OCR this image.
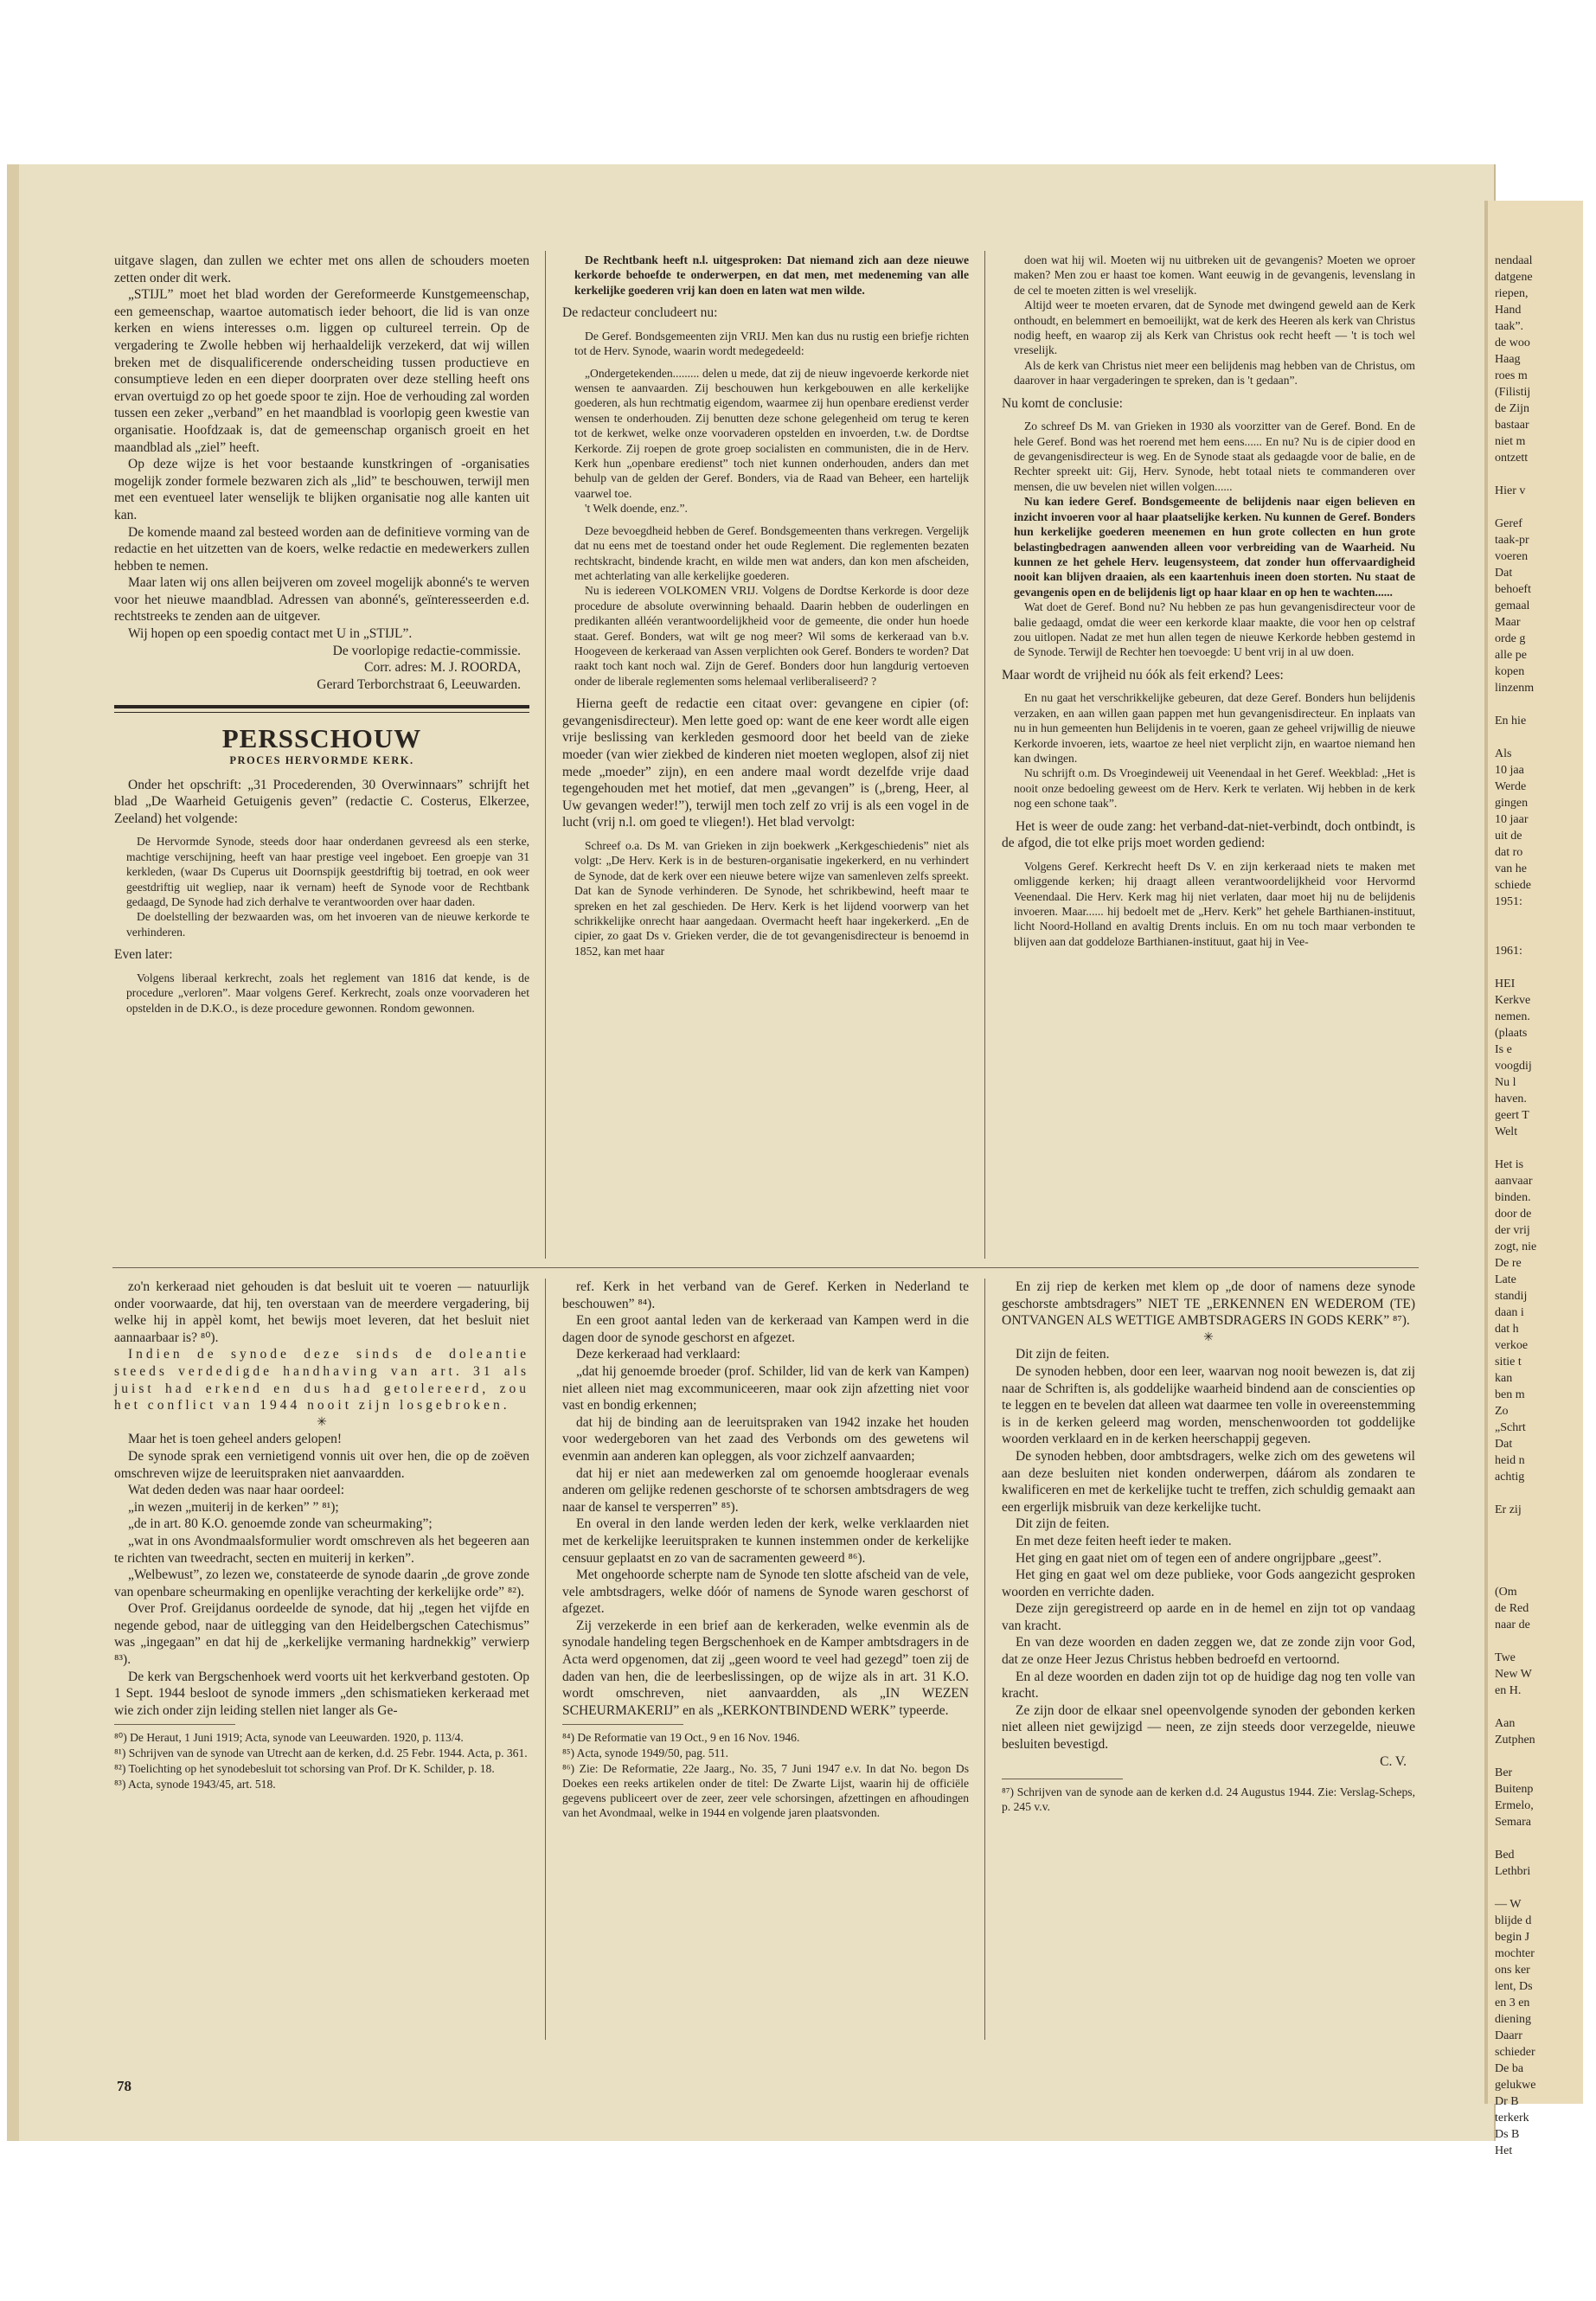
nendaal
datgene
riepen,
Hand
taak”.
de woo
Haag
roes m
(Filistij
de Zijn
bastaar
niet m
ontzett
Hier v
Geref
taak-pr
voeren
Dat
behoeft
gemaal
Maar
orde g
alle pe
kopen
linzenm
En hie
Als
10 jaa
Werde
gingen
10 jaar
uit de
dat ro
van he
schiede
1951:
1961:
HEI
Kerkve
nemen.
(plaats
Is e
voogdij
Nu l
haven.
geert T
Welt
Het is
aanvaar
binden.
door de
der vrij
zogt, nie
De re
Late
standij
daan i
dat h
verkoe
sitie t
kan
ben m
Zo
„Schrt
Dat
heid n
achtig
Er zij
(Om
de Red
naar de
Twe
New W
en H.
Aan
Zutphen
Ber
Buitenp
Ermelo,
Semara
Bed
Lethbri
— W
blijde d
begin J
mochter
ons ker
lent, Ds
en 3 en
diening
Daarr
schieder
De ba
gelukwe
Dr B
terkerk
Ds B
Het

uitgave slagen, dan zullen we echter met ons allen de schouders moeten zetten onder dit werk.

„STIJL” moet het blad worden der Gereformeerde Kunstgemeenschap, een gemeenschap, waartoe automatisch ieder behoort, die lid is van onze kerken en wiens interesses o.m. liggen op cultureel terrein. Op de vergadering te Zwolle hebben wij herhaaldelijk verzekerd, dat wij willen breken met de disqualificerende onderscheiding tussen productieve en consumptieve leden en een dieper doorpraten over deze stelling heeft ons ervan overtuigd zo op het goede spoor te zijn. Hoe de verhouding zal worden tussen een zeker „verband” en het maandblad is voorlopig geen kwestie van organisatie. Hoofdzaak is, dat de gemeenschap organisch groeit en het maandblad als „ziel” heeft.

Op deze wijze is het voor bestaande kunstkringen of -organisaties mogelijk zonder formele bezwaren zich als „lid” te beschouwen, terwijl men met een eventueel later wenselijk te blijken organisatie nog alle kanten uit kan.

De komende maand zal besteed worden aan de definitieve vorming van de redactie en het uitzetten van de koers, welke redactie en medewerkers zullen hebben te nemen.

Maar laten wij ons allen beijveren om zoveel mogelijk abonné's te werven voor het nieuwe maandblad. Adressen van abonné's, geïnteresseerden e.d. rechtstreeks te zenden aan de uitgever.

Wij hopen op een spoedig contact met U in „STIJL”.

De voorlopige redactie-commissie.

Corr. adres: M. J. ROORDA,

Gerard Terborchstraat 6, Leeuwarden.

PERSSCHOUW
PROCES HERVORMDE KERK.

Onder het opschrift: „31 Procederenden, 30 Overwinnaars” schrijft het blad „De Waarheid Getuigenis geven” (redactie C. Costerus, Elkerzee, Zeeland) het volgende:

De Hervormde Synode, steeds door haar onderdanen gevreesd als een sterke, machtige verschijning, heeft van haar prestige veel ingeboet. Een groepje van 31 kerkleden, (waar Ds Cuperus uit Doornspijk geestdriftig bij toetrad, en ook weer geestdriftig uit wegliep, naar ik vernam) heeft de Synode voor de Rechtbank gedaagd, De Synode had zich derhalve te verantwoorden over haar daden.

De doelstelling der bezwaarden was, om het invoeren van de nieuwe kerkorde te verhinderen.

Even later:

Volgens liberaal kerkrecht, zoals het reglement van 1816 dat kende, is de procedure „verloren”. Maar volgens Geref. Kerkrecht, zoals onze voorvaderen het opstelden in de D.K.O., is deze procedure gewonnen. Rondom gewonnen.

De Rechtbank heeft n.l. uitgesproken: Dat niemand zich aan deze nieuwe kerkorde behoefde te onderwerpen, en dat men, met medeneming van alle kerkelijke goederen vrij kan doen en laten wat men wilde.

De redacteur concludeert nu:

De Geref. Bondsgemeenten zijn VRIJ. Men kan dus nu rustig een briefje richten tot de Herv. Synode, waarin wordt medegedeeld:

„Ondergetekenden......... delen u mede, dat zij de nieuw ingevoerde kerkorde niet wensen te aanvaarden. Zij beschouwen hun kerkgebouwen en alle kerkelijke goederen, als hun rechtmatig eigendom, waarmee zij hun openbare eredienst verder wensen te onderhouden. Zij benutten deze schone gelegenheid om terug te keren tot de kerkwet, welke onze voorvaderen opstelden en invoerden, t.w. de Dordtse Kerkorde. Zij roepen de grote groep socialisten en communisten, die in de Herv. Kerk hun „openbare eredienst” toch niet kunnen onderhouden, anders dan met behulp van de gelden der Geref. Bonders, via de Raad van Beheer, een hartelijk vaarwel toe.

't Welk doende, enz.”.

Deze bevoegdheid hebben de Geref. Bondsgemeenten thans verkregen. Vergelijk dat nu eens met de toestand onder het oude Reglement. Die reglementen bezaten rechtskracht, bindende kracht, en wilde men wat anders, dan kon men afscheiden, met achterlating van alle kerkelijke goederen.

Nu is iedereen VOLKOMEN VRIJ. Volgens de Dordtse Kerkorde is door deze procedure de absolute overwinning behaald. Daarin hebben de ouderlingen en predikanten alléén verantwoordelijkheid voor de gemeente, die onder hun hoede staat. Geref. Bonders, wat wilt ge nog meer? Wil soms de kerkeraad van b.v. Hoogeveen de kerkeraad van Assen verplichten ook Geref. Bonders te worden? Dat raakt toch kant noch wal. Zijn de Geref. Bonders door hun langdurig vertoeven onder de liberale reglementen soms helemaal verliberaliseerd? ?

Hierna geeft de redactie een citaat over: gevangene en cipier (of: gevangenisdirecteur). Men lette goed op: want de ene keer wordt alle eigen vrije beslissing van kerkleden gesmoord door het beeld van de zieke moeder (van wier ziekbed de kinderen niet moeten weglopen, alsof zij niet mede „moeder” zijn), en een andere maal wordt dezelfde vrije daad tegengehouden met het motief, dat men „gevangen” is („breng, Heer, al Uw gevangen weder!”), terwijl men toch zelf zo vrij is als een vogel in de lucht (vrij n.l. om goed te vliegen!). Het blad vervolgt:

Schreef o.a. Ds M. van Grieken in zijn boekwerk „Kerkgeschiedenis” niet als volgt: „De Herv. Kerk is in de besturen-organisatie ingekerkerd, en nu verhindert de Synode, dat de kerk over een nieuwe betere wijze van samenleven zelfs spreekt. Dat kan de Synode verhinderen. De Synode, het schrikbewind, heeft maar te spreken en het zal geschieden. De Herv. Kerk is het lijdend voorwerp van het schrikkelijke onrecht haar aangedaan. Overmacht heeft haar ingekerkerd. „En de cipier, zo gaat Ds v. Grieken verder, die de tot gevangenisdirecteur is benoemd in 1852, kan met haar

doen wat hij wil. Moeten wij nu uitbreken uit de gevangenis? Moeten we oproer maken? Men zou er haast toe komen. Want eeuwig in de gevangenis, levenslang in de cel te moeten zitten is wel vreselijk.

Altijd weer te moeten ervaren, dat de Synode met dwingend geweld aan de Kerk onthoudt, en belemmert en bemoeilijkt, wat de kerk des Heeren als kerk van Christus nodig heeft, en waarop zij als Kerk van Christus ook recht heeft — 't is toch wel vreselijk.

Als de kerk van Christus niet meer een belijdenis mag hebben van de Christus, om daarover in haar vergaderingen te spreken, dan is 't gedaan”.

Nu komt de conclusie:

Zo schreef Ds M. van Grieken in 1930 als voorzitter van de Geref. Bond. En de hele Geref. Bond was het roerend met hem eens...... En nu? Nu is de cipier dood en de gevangenisdirecteur is weg. En de Synode staat als gedaagde voor de balie, en de Rechter spreekt uit: Gij, Herv. Synode, hebt totaal niets te commanderen over mensen, die uw bevelen niet willen volgen......

Nu kan iedere Geref. Bondsgemeente de belijdenis naar eigen believen en inzicht invoeren voor al haar plaatselijke kerken. Nu kunnen de Geref. Bonders hun kerkelijke goederen meenemen en hun grote collecten en hun grote belastingbedragen aanwenden alleen voor verbreiding van de Waarheid. Nu kunnen ze het gehele Herv. leugensysteem, dat zonder hun offervaardigheid nooit kan blijven draaien, als een kaartenhuis ineen doen storten. Nu staat de gevangenis open en de belijdenis ligt op haar klaar en op hen te wachten......

Wat doet de Geref. Bond nu? Nu hebben ze pas hun gevangenisdirecteur voor de balie gedaagd, omdat die weer een kerkorde klaar maakte, die voor hen op celstraf zou uitlopen. Nadat ze met hun allen tegen de nieuwe Kerkorde hebben gestemd in de Synode. Terwijl de Rechter hen toevoegde: U bent vrij in al uw doen.

Maar wordt de vrijheid nu óók als feit erkend? Lees:

En nu gaat het verschrikkelijke gebeuren, dat deze Geref. Bonders hun belijdenis verzaken, en aan willen gaan pappen met hun gevangenisdirecteur. En inplaats van nu in hun gemeenten hun Belijdenis in te voeren, gaan ze geheel vrijwillig de nieuwe Kerkorde invoeren, iets, waartoe ze heel niet verplicht zijn, en waartoe niemand hen kan dwingen.

Nu schrijft o.m. Ds Vroegindeweij uit Veenendaal in het Geref. Weekblad: „Het is nooit onze bedoeling geweest om de Herv. Kerk te verlaten. Wij hebben in de kerk nog een schone taak”.

Het is weer de oude zang: het verband-dat-niet-verbindt, doch ontbindt, is de afgod, die tot elke prijs moet worden gediend:

Volgens Geref. Kerkrecht heeft Ds V. en zijn kerkeraad niets te maken met omliggende kerken; hij draagt alleen verantwoordelijkheid voor Hervormd Veenendaal. Die Herv. Kerk mag hij niet verlaten, daar moet hij nu de belijdenis invoeren. Maar...... hij bedoelt met de „Herv. Kerk” het gehele Barthianen-instituut, licht Noord-Holland en avaltig Drents incluis. En om nu toch maar verbonden te blijven aan dat goddeloze Barthianen-instituut, gaat hij in Vee-

zo'n kerkeraad niet gehouden is dat besluit uit te voeren — natuurlijk onder voorwaarde, dat hij, ten overstaan van de meerdere vergadering, bij welke hij in appèl komt, het bewijs moet leveren, dat het besluit niet aannaarbaar is? ⁸⁰).

Indien de synode deze sinds de doleantie steeds verdedigde handhaving van art. 31 als juist had erkend en dus had getolereerd, zou het conflict van 1944 nooit zijn losgebroken.

✳

Maar het is toen geheel anders gelopen!

De synode sprak een vernietigend vonnis uit over hen, die op de zoëven omschreven wijze de leeruitspraken niet aanvaardden.

Wat deden deden was naar haar oordeel:

„in wezen „muiterij in de kerken” ” ⁸¹);

„de in art. 80 K.O. genoemde zonde van scheurmaking”;

„wat in ons Avondmaalsformulier wordt omschreven als het begeeren aan te richten van tweedracht, secten en muiterij in kerken”.

„Welbewust”, zo lezen we, constateerde de synode daarin „de grove zonde van openbare scheurmaking en openlijke verachting der kerkelijke orde” ⁸²).

Over Prof. Greijdanus oordeelde de synode, dat hij „tegen het vijfde en negende gebod, naar de uitlegging van den Heidelbergschen Catechismus” was „ingegaan” en dat hij de „kerkelijke vermaning hardnekkig” verwierp ⁸³).

De kerk van Bergschenhoek werd voorts uit het kerkverband gestoten. Op 1 Sept. 1944 besloot de synode immers „den schismatieken kerkeraad met wie zich onder zijn leiding stellen niet langer als Ge-

⁸⁰) De Heraut, 1 Juni 1919; Acta, synode van Leeuwarden. 1920, p. 113/4.

⁸¹) Schrijven van de synode van Utrecht aan de kerken, d.d. 25 Febr. 1944. Acta, p. 361.

⁸²) Toelichting op het synodebesluit tot schorsing van Prof. Dr K. Schilder, p. 18.

⁸³) Acta, synode 1943/45, art. 518.

ref. Kerk in het verband van de Geref. Kerken in Nederland te beschouwen” ⁸⁴).

En een groot aantal leden van de kerkeraad van Kampen werd in die dagen door de synode geschorst en afgezet.

Deze kerkeraad had verklaard:

„dat hij genoemde broeder (prof. Schilder, lid van de kerk van Kampen) niet alleen niet mag excommuniceeren, maar ook zijn afzetting niet voor vast en bondig erkennen;

dat hij de binding aan de leeruitspraken van 1942 inzake het houden voor wedergeboren van het zaad des Verbonds om des gewetens wil evenmin aan anderen kan opleggen, als voor zichzelf aanvaarden;

dat hij er niet aan medewerken zal om genoemde hoogleraar evenals anderen om gelijke redenen geschorste of te schorsen ambtsdragers de weg naar de kansel te versperren” ⁸⁵).

En overal in den lande werden leden der kerk, welke verklaarden niet met de kerkelijke leeruitspraken te kunnen instemmen onder de kerkelijke censuur geplaatst en zo van de sacramenten geweerd ⁸⁶).

Met ongehoorde scherpte nam de Synode ten slotte afscheid van de vele, vele ambtsdragers, welke dóór of namens de Synode waren geschorst of afgezet.

Zij verzekerde in een brief aan de kerkeraden, welke evenmin als de synodale handeling tegen Bergschenhoek en de Kamper ambtsdragers in de Acta werd opgenomen, dat zij „geen woord te veel had gezegd” toen zij de daden van hen, die de leerbeslissingen, op de wijze als in art. 31 K.O. wordt omschreven, niet aanvaardden, als „IN WEZEN SCHEURMAKERIJ” en als „KERKONTBINDEND WERK” typeerde.

⁸⁴) De Reformatie van 19 Oct., 9 en 16 Nov. 1946.

⁸⁵) Acta, synode 1949/50, pag. 511.

⁸⁶) Zie: De Reformatie, 22e Jaarg., No. 35, 7 Juni 1947 e.v. In dat No. begon Ds Doekes een reeks artikelen onder de titel: De Zwarte Lijst, waarin hij de officiële gegevens publiceert over de zeer, zeer vele schorsingen, afzettingen en afhoudingen van het Avondmaal, welke in 1944 en volgende jaren plaatsvonden.

En zij riep de kerken met klem op „de door of namens deze synode geschorste ambtsdragers” NIET TE „ERKENNEN EN WEDEROM (TE) ONTVANGEN ALS WETTIGE AMBTSDRAGERS IN GODS KERK” ⁸⁷).

✳

Dit zijn de feiten.

De synoden hebben, door een leer, waarvan nog nooit bewezen is, dat zij naar de Schriften is, als goddelijke waarheid bindend aan de conscienties op te leggen en te bevelen dat alleen wat daarmee ten volle in overeenstemming is in de kerken geleerd mag worden, menschenwoorden tot goddelijke woorden verklaard en in de kerken heerschappij gegeven.

De synoden hebben, door ambtsdragers, welke zich om des gewetens wil aan deze besluiten niet konden onderwerpen, dáárom als zondaren te kwalificeren en met de kerkelijke tucht te treffen, zich schuldig gemaakt aan een ergerlijk misbruik van deze kerkelijke tucht.

Dit zijn de feiten.

En met deze feiten heeft ieder te maken.

Het ging en gaat niet om of tegen een of andere ongrijpbare „geest”.

Het ging en gaat wel om deze publieke, voor Gods aangezicht gesproken woorden en verrichte daden.

Deze zijn geregistreerd op aarde en in de hemel en zijn tot op vandaag van kracht.

En van deze woorden en daden zeggen we, dat ze zonde zijn voor God, dat ze onze Heer Jezus Christus hebben bedroefd en vertoornd.

En al deze woorden en daden zijn tot op de huidige dag nog ten volle van kracht.

Ze zijn door de elkaar snel opeenvolgende synoden der gebonden kerken niet alleen niet gewijzigd — neen, ze zijn steeds door verzegelde, nieuwe besluiten bevestigd.

C. V.

⁸⁷) Schrijven van de synode aan de kerken d.d. 24 Augustus 1944. Zie: Verslag-Scheps, p. 245 v.v.

78
